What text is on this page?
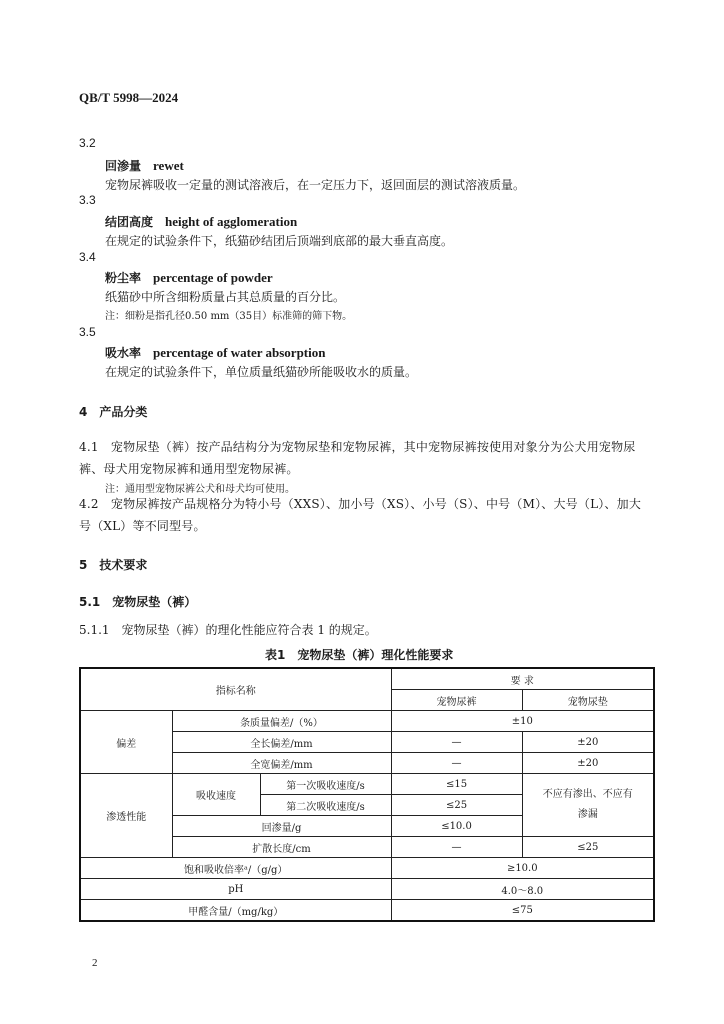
QB/T 5998—2024
3.2
回渗量 rewet
宠物尿裤吸收一定量的测试溶液后，在一定压力下，返回面层的测试溶液质量。
3.3
结团高度 height of agglomeration
在规定的试验条件下，纸猫砂结团后顶端到底部的最大垂直高度。
3.4
粉尘率 percentage of powder
纸猫砂中所含细粉质量占其总质量的百分比。
注：细粉是指孔径0.50 mm（35目）标准筛的筛下物。
3.5
吸水率 percentage of water absorption
在规定的试验条件下，单位质量纸猫砂所能吸收水的质量。
4　产品分类
4.1　宠物尿垫（裤）按产品结构分为宠物尿垫和宠物尿裤，其中宠物尿裤按使用对象分为公犬用宠物尿裤、母犬用宠物尿裤和通用型宠物尿裤。
注：通用型宠物尿裤公犬和母犬均可使用。
4.2　宠物尿裤按产品规格分为特小号（XXS）、加小号（XS）、小号（S）、中号（M）、大号（L）、加大号（XL）等不同型号。
5　技术要求
5.1　宠物尿垫（裤）
5.1.1　宠物尿垫（裤）的理化性能应符合表 1 的规定。
表1　宠物尿垫（裤）理化性能要求
指标名称			要 求	
			宠物尿裤	宠物尿垫
偏差	条质量偏差/（%）		±10	
	全长偏差/mm		—	±20
	全宽偏差/mm		—	±20
渗透性能	吸收速度	第一次吸收速度/s	≤15	不应有渗出、不应有渗漏
		第二次吸收速度/s	≤25	
	回渗量/g		≤10.0	
	扩散长度/cm		—	≤25
饱和吸收倍率ᵃ/（g/g）			≥10.0	
pH			4.0～8.0	
甲醛含量/（mg/kg）			≤75	
2
